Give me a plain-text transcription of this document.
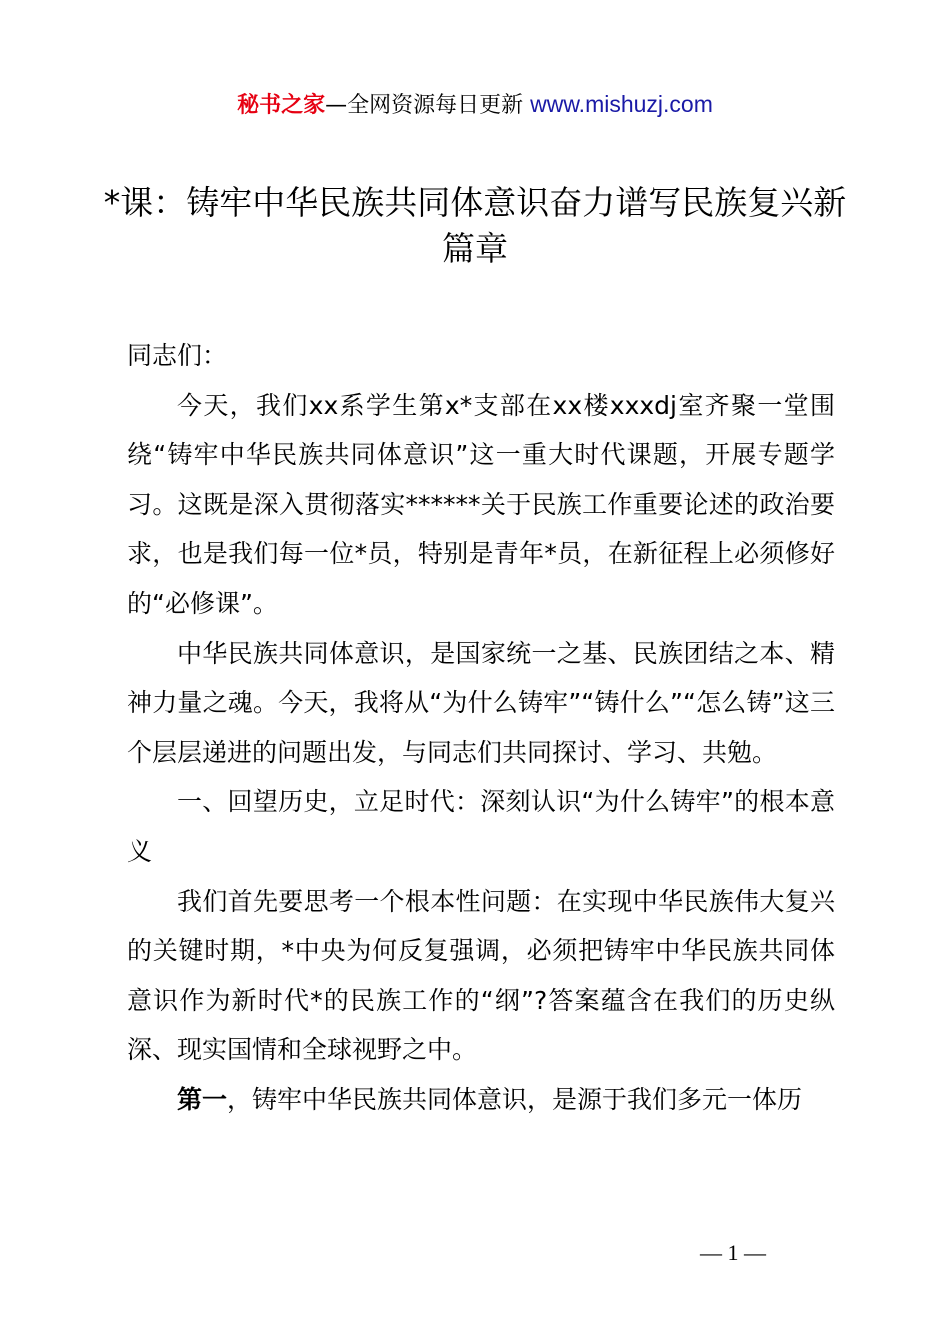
秘书之家—全网资源每日更新 www.mishuzj.com
*课：铸牢中华民族共同体意识奋力谱写民族复兴新篇章

同志们：

今天，我们xx系学生第x*支部在xx楼xxxdj室齐聚一堂围绕“铸牢中华民族共同体意识”这一重大时代课题，开展专题学习。这既是深入贯彻落实******关于民族工作重要论述的政治要求，也是我们每一位*员，特别是青年*员，在新征程上必须修好的“必修课”。

中华民族共同体意识，是国家统一之基、民族团结之本、精神力量之魂。今天，我将从“为什么铸牢”“铸什么”“怎么铸”这三个层层递进的问题出发，与同志们共同探讨、学习、共勉。

一、回望历史，立足时代：深刻认识“为什么铸牢”的根本意义

我们首先要思考一个根本性问题：在实现中华民族伟大复兴的关键时期，*中央为何反复强调，必须把铸牢中华民族共同体意识作为新时代*的民族工作的“纲”?答案蕴含在我们的历史纵深、现实国情和全球视野之中。

第一，铸牢中华民族共同体意识，是源于我们多元一体历

— 1 —
